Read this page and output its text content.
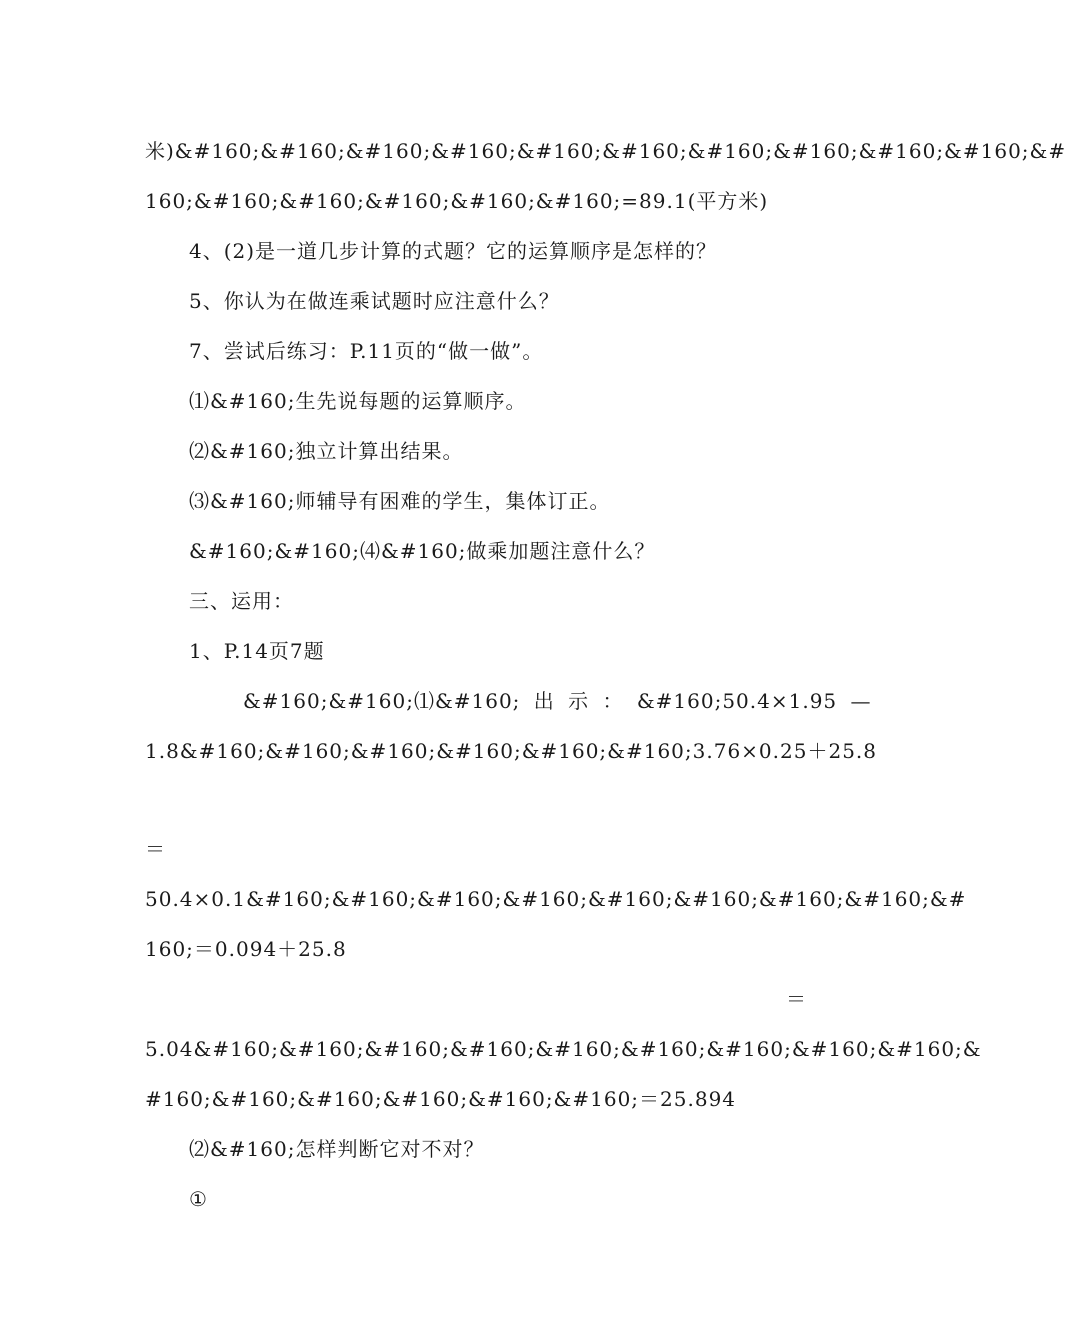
米)&#160;&#160;&#160;&#160;&#160;&#160;&#160;&#160;&#160;&#160;&#
160;&#160;&#160;&#160;&#160;&#160;=89.1(平方米)
4、(2)是一道几步计算的式题？它的运算顺序是怎样的？
5、你认为在做连乘试题时应注意什么？
7、尝试后练习：P.11页的“做一做”。
⑴&#160;生先说每题的运算顺序。
⑵&#160;独立计算出结果。
⑶&#160;师辅导有困难的学生，集体订正。
&#160;&#160;⑷&#160;做乘加题注意什么？
三、运用：
1、P.14页7题
&#160;&#160;⑴&#160; 出 示 ： &#160;50.4×1.95 —
1.8&#160;&#160;&#160;&#160;&#160;&#160;3.76×0.25＋25.8
＝
50.4×0.1&#160;&#160;&#160;&#160;&#160;&#160;&#160;&#160;&#
160;＝0.094＋25.8
＝
5.04&#160;&#160;&#160;&#160;&#160;&#160;&#160;&#160;&#160;&
#160;&#160;&#160;&#160;&#160;&#160;＝25.894
⑵&#160;怎样判断它对不对？
①
